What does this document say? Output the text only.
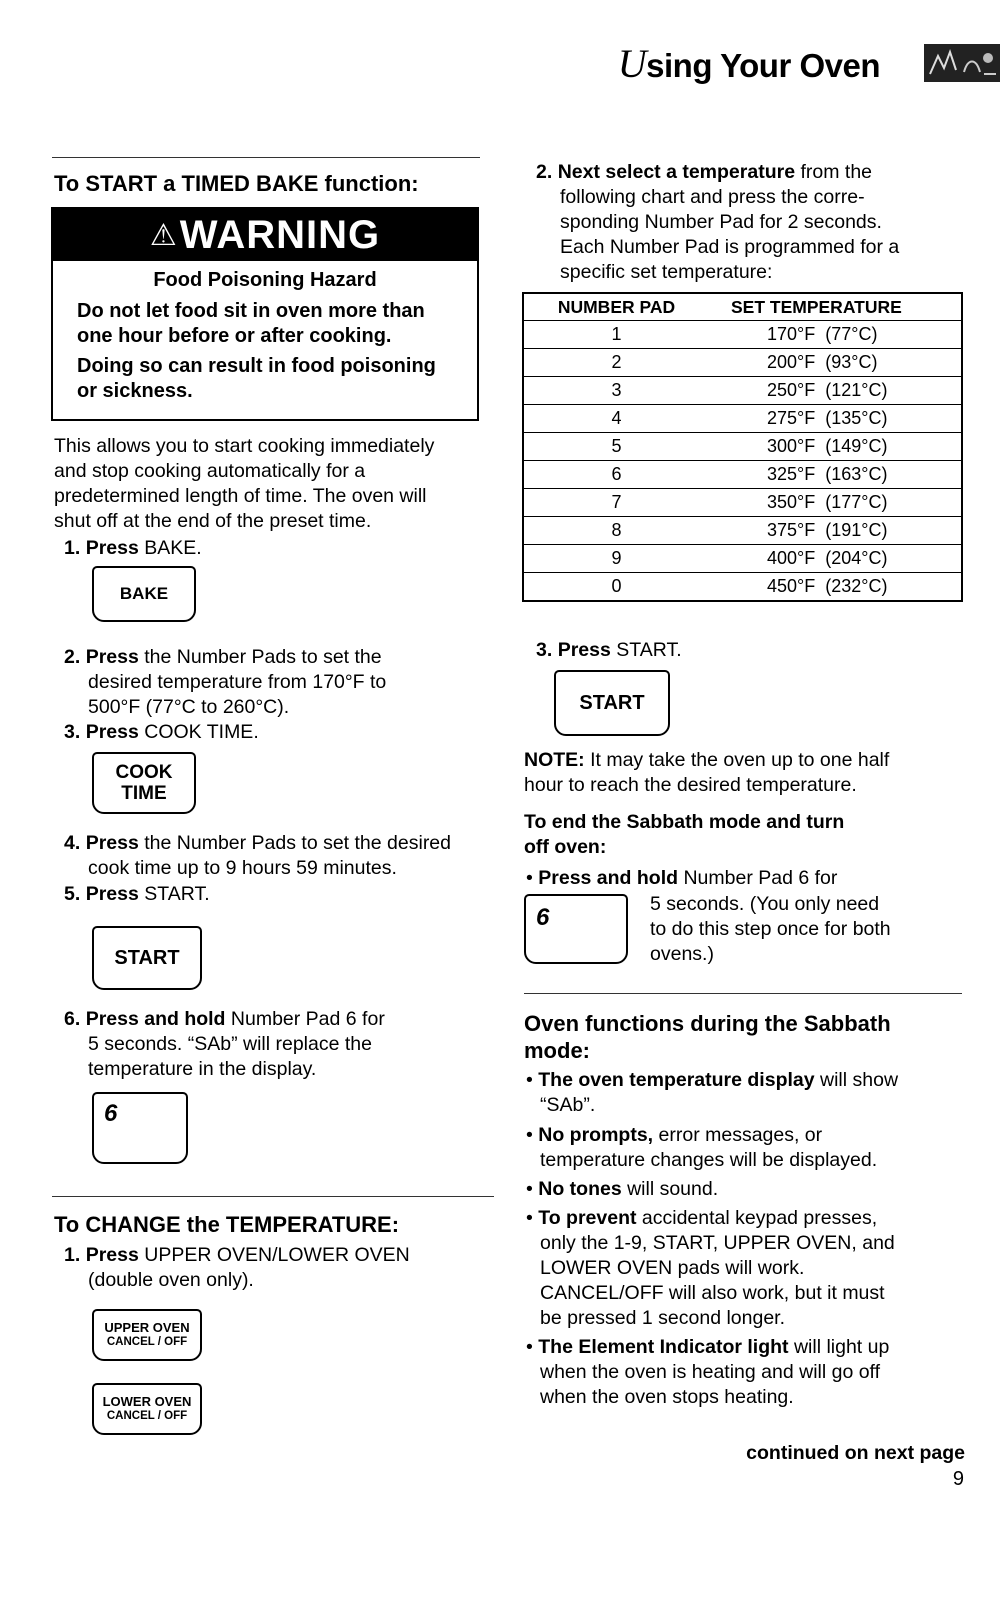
Using Your Oven
To START a TIMED BAKE function:
⚠WARNING
Food Poisoning Hazard
Do not let food sit in oven more than
one hour before or after cooking.
Doing so can result in food poisoning
or sickness.
This allows you to start cooking immediately
and stop cooking automatically for a
predetermined length of time. The oven will
shut off at the end of the preset time.
1. Press BAKE.
BAKE
2. Press the Number Pads to set the
desired temperature from 170°F to
500°F (77°C to 260°C).
3. Press COOK TIME.
COOK
TIME
4. Press the Number Pads to set the desired
cook time up to 9 hours 59 minutes.
5. Press START.
START
6. Press and hold Number Pad 6 for
5 seconds. “SAb” will replace the
temperature in the display.
6
To CHANGE the TEMPERATURE:
1. Press UPPER OVEN/LOWER OVEN
(double oven only).
UPPER OVEN
CANCEL / OFF
LOWER OVEN
CANCEL / OFF
2. Next select a temperature from the
following chart and press the corre-
sponding Number Pad for 2 seconds.
Each Number Pad is programmed for a
specific set temperature:
NUMBER PAD	SET TEMPERATURE
1	170°F  (77°C)
2	200°F  (93°C)
3	250°F  (121°C)
4	275°F  (135°C)
5	300°F  (149°C)
6	325°F  (163°C)
7	350°F  (177°C)
8	375°F  (191°C)
9	400°F  (204°C)
0	450°F  (232°C)
3. Press START.
START
NOTE: It may take the oven up to one half
hour to reach the desired temperature.
To end the Sabbath mode and turn
off oven:
• Press and hold Number Pad 6 for
6	5 seconds. (You only need
to do this step once for both
ovens.)
Oven functions during the Sabbath
mode:
• The oven temperature display will show
“SAb”.
• No prompts, error messages, or
temperature changes will be displayed.
• No tones will sound.
• To prevent accidental keypad presses,
only the 1-9, START, UPPER OVEN, and
LOWER OVEN pads will work.
CANCEL/OFF will also work, but it must
be pressed 1 second longer.
• The Element Indicator light will light up
when the oven is heating and will go off
when the oven stops heating.
continued on next page
9
